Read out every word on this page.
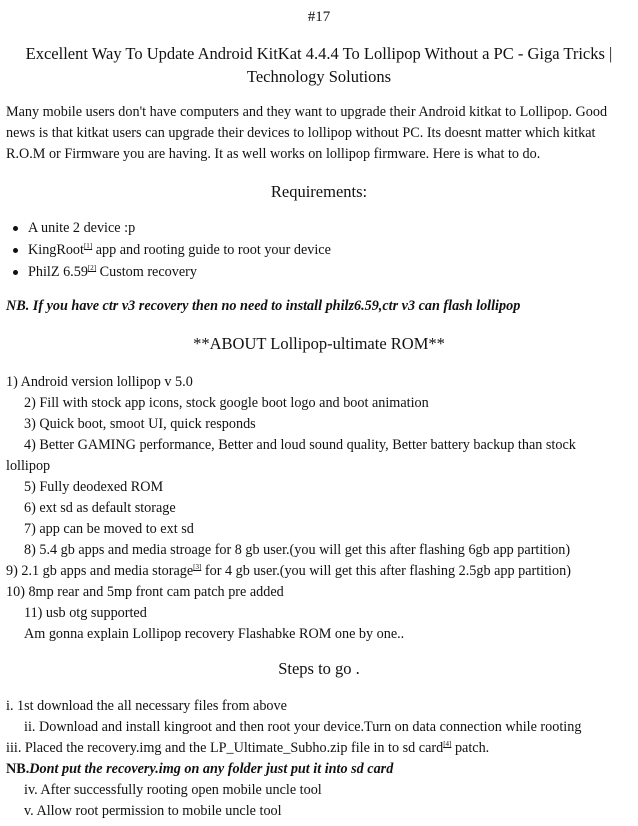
#17
Excellent Way To Update Android KitKat 4.4.4 To Lollipop Without a PC - Giga Tricks | Technology Solutions
Many mobile users don't have computers and they want to upgrade their Android kitkat to Lollipop. Good
news is that kitkat users can upgrade their devices to lollipop without PC. Its doesnt matter which kitkat
R.O.M or Firmware you are having. It as well works on lollipop firmware. Here is what to do.
Requirements:
A unite 2 device :p
KingRoot[1] app and rooting guide to root your device
PhilZ 6.59[2] Custom recovery
NB. If you have ctr v3 recovery then no need to install philz6.59,ctr v3 can flash lollipop
**ABOUT Lollipop-ultimate ROM**
1) Android version lollipop v 5.0
2) Fill with stock app icons, stock google boot logo and boot animation
3) Quick boot, smoot UI, quick responds
4) Better GAMING performance, Better and loud sound quality, Better battery backup than stock
lollipop
5) Fully deodexed ROM
6) ext sd as default storage
7) app can be moved to ext sd
8) 5.4 gb apps and media stroage for 8 gb user.(you will get this after flashing 6gb app partition)
9) 2.1 gb apps and media storage[3] for 4 gb user.(you will get this after flashing 2.5gb app partition)
10) 8mp rear and 5mp front cam patch pre added
11) usb otg supported
Am gonna explain Lollipop recovery Flashabke ROM one by one..
Steps to go .
i. 1st download the all necessary files from above
ii. Download and install kingroot and then root your device.Turn on data connection while rooting
iii. Placed the recovery.img and the LP_Ultimate_Subho.zip file in to sd card[4] patch.
NB.Dont put the recovery.img on any folder just put it into sd card
iv. After successfully rooting open mobile uncle tool
v. Allow root permission to mobile uncle tool
